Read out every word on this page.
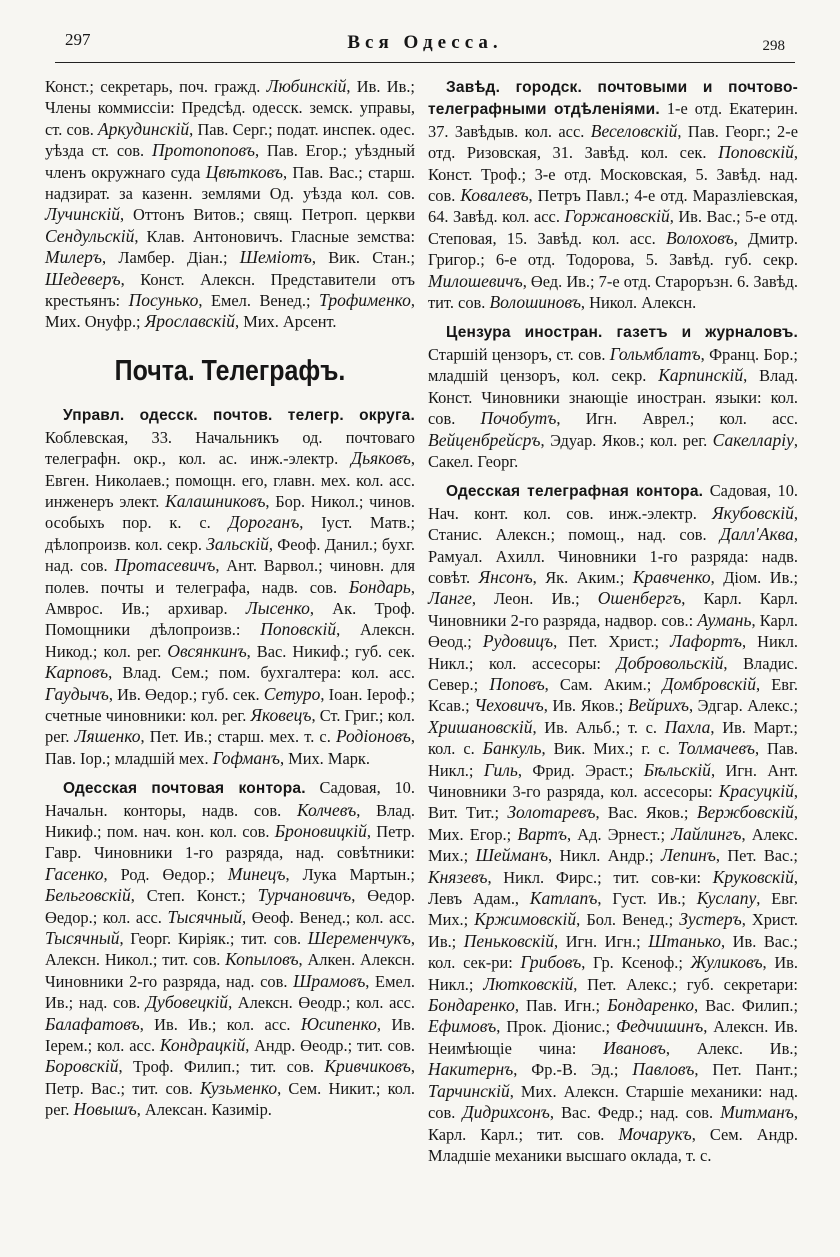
297	Вся Одесса.	298

Конст.; секретарь, поч. гражд. Любинскій, Ив. Ив.; Члены коммиссіи: Предсѣд. одесск. земск. управы, ст. сов. Аркудинскій, Пав. Серг.; подат. инспек. одес. уѣзда ст. сов. Протопоповъ, Пав. Егор.; уѣздный членъ окружнаго суда Цвѣтковъ, Пав. Вас.; старш. надзират. за казенн. землями Од. уѣзда кол. сов. Лучинскій, Оттонъ Витов.; свящ. Петроп. церкви Сендульскій, Клав. Антоновичъ. Гласные земства: Милеръ, Ламбер. Діан.; Шеміотъ, Вик. Стан.; Шедеверъ, Конст. Алексн. Представители отъ крестьянъ: Посунько, Емел. Венед.; Трофименко, Мих. Онуфр.; Ярославскій, Мих. Арсент.

Почта. Телеграфъ.

Управл. одесск. почтов. телегр. округа. Коблевская, 33. Начальникъ од. почтоваго телеграфн. окр., кол. ас. инж.-электр. Дьяковъ, Евген. Николаев.; помощн. его, главн. мех. кол. асс. инженеръ элект. Калашниковъ, Бор. Никол.; чинов. особыхъ пор. к. с. Дороганъ, Іуст. Матв.; дѣлопроизв. кол. секр. Зальскій, Феоф. Данил.; бухг. над. сов. Протасевичъ, Ант. Варвол.; чиновн. для полев. почты и телеграфа, надв. сов. Бондарь, Амврос. Ив.; архивар. Лысенко, Ак. Троф. Помощники дѣлопроизв.: Поповскій, Алексн. Никод.; кол. рег. Овсянкинъ, Вас. Никиф.; губ. сек. Карповъ, Влад. Сем.; пом. бухгалтера: кол. асс. Гаудычъ, Ив. Өедор.; губ. сек. Сетуро, Іоан. Іероф.; счетные чиновники: кол. рег. Яковецъ, Ст. Григ.; кол. рег. Ляшенко, Пет. Ив.; старш. мех. т. с. Родіоновъ, Пав. Іор.; младшій мех. Гофманъ, Мих. Марк.

Одесская почтовая контора. Садовая, 10. Начальн. конторы, надв. сов. Колчевъ, Влад. Никиф.; пом. нач. кон. кол. сов. Броновицкій, Петр. Гавр. Чиновники 1-го разряда, над. совѣтники: Гасенко, Род. Өедор.; Минецъ, Лука Мартын.; Бельговскій, Степ. Конст.; Турчановичъ, Өедор. Өедор.; кол. асс. Тысячный, Өеоф. Венед.; кол. асс. Тысячный, Георг. Киріяк.; тит. сов. Шеременчукъ, Алексн. Никол.; тит. сов. Копыловъ, Алкен. Алексн. Чиновники 2-го разряда, над. сов. Шрамовъ, Емел. Ив.; над. сов. Дубовецкій, Алексн. Өеодр.; кол. асс. Балафатовъ, Ив. Ив.; кол. асс. Юсипенко, Ив. Іерем.; кол. асс. Кондрацкій, Андр. Өеодр.; тит. сов. Боровскій, Троф. Филип.; тит. сов. Кривчиковъ, Петр. Вас.; тит. сов. Кузьменко, Сем. Никит.; кол. рег. Новышъ, Алексан. Казимір.

Завѣд. городск. почтовыми и почтово-телеграфными отдѣленіями. 1-е отд. Екатерин. 37. Завѣдыв. кол. асс. Веселовскій, Пав. Георг.; 2-е отд. Ризовская, 31. Завѣд. кол. сек. Поповскій, Конст. Троф.; 3-е отд. Московская, 5. Завѣд. над. сов. Ковалевъ, Петръ Павл.; 4-е отд. Маразліевская, 64. Завѣд. кол. асс. Горжановскій, Ив. Вас.; 5-е отд. Степовая, 15. Завѣд. кол. асс. Волоховъ, Дмитр. Григор.; 6-е отд. Тодорова, 5. Завѣд. губ. секр. Милошевичъ, Өед. Ив.; 7-е отд. Староръзн. 6. Завѣд. тит. сов. Волошиновъ, Никол. Алексн.

Цензура иностран. газетъ и журналовъ. Старшій цензоръ, ст. сов. Гольмблатъ, Франц. Бор.; младшій цензоръ, кол. секр. Карпинскій, Влад. Конст. Чиновники знающіе иностран. языки: кол. сов. Почобутъ, Игн. Аврел.; кол. асс. Вейценбрейсръ, Эдуар. Яков.; кол. рег. Сакелларіу, Сакел. Георг.

Одесская телеграфная контора. Садовая, 10. Нач. конт. кол. сов. инж.-электр. Якубовскій, Станис. Алексн.; помощ., над. сов. Далл'Аква, Рамуал. Ахилл. Чиновники 1-го разряда: надв. совѣт. Янсонъ, Як. Аким.; Кравченко, Діом. Ив.; Ланге, Леон. Ив.; Ошенбергъ, Карл. Карл. Чиновники 2-го разряда, надвор. сов.: Аумань, Карл. Өеод.; Рудовицъ, Пет. Христ.; Лафортъ, Никл. Никл.; кол. ассесоры: Добровольскій, Владис. Север.; Поповъ, Сам. Аким.; Домбровскій, Евг. Ксав.; Чеховичъ, Ив. Яков.; Вейрихъ, Эдгар. Алекс.; Хришановскій, Ив. Альб.; т. с. Пахла, Ив. Март.; кол. с. Банкуль, Вик. Мих.; г. с. Толмачевъ, Пав. Никл.; Гиль, Фрид. Эраст.; Бѣльскій, Игн. Ант. Чиновники 3-го разряда, кол. ассесоры: Красуцкій, Вит. Тит.; Золотаревъ, Вас. Яков.; Вержбовскій, Мих. Егор.; Вартъ, Ад. Эрнест.; Лайлингъ, Алекс. Мих.; Шейманъ, Никл. Андр.; Лепинъ, Пет. Вас.; Князевъ, Никл. Фирс.; тит. сов-ки: Круковскій, Левъ Адам., Катлапъ, Густ. Ив.; Куслапу, Евг. Мих.; Кржимовскій, Бол. Венед.; Зустеръ, Христ. Ив.; Пеньковскій, Игн. Игн.; Штанько, Ив. Вас.; кол. сек-ри: Грибовъ, Гр. Ксеноф.; Жуликовъ, Ив. Никл.; Лютковскій, Пет. Алекс.; губ. секретари: Бондаренко, Пав. Игн.; Бондаренко, Вас. Филип.; Ефимовъ, Прок. Діонис.; Федчишинъ, Алексн. Ив. Неимѣющіе чина: Ивановъ, Алекс. Ив.; Накитернъ, Фр.-В. Эд.; Павловъ, Пет. Пант.; Тарчинскій, Мих. Алексн. Старшіе механики: над. сов. Дидрихсонъ, Вас. Федр.; над. сов. Митманъ, Карл. Карл.; тит. сов. Мочарукъ, Сем. Андр. Младшіе механики высшаго оклада, т. с.
